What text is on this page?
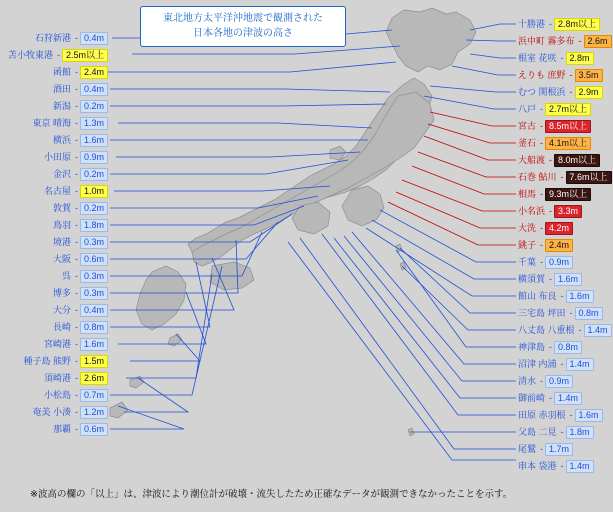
東北地方太平洋沖地震で観測された
日本各地の津波の高さ
石狩新港 - 0.4m
苫小牧東港 - 2.5m以上
函館 - 2.4m
酒田 - 0.4m
新潟 - 0.2m
東京 晴海 - 1.3m
横浜 - 1.6m
小田原 - 0.9m
金沢 - 0.2m
名古屋 - 1.0m
敦賀 - 0.2m
鳥羽 - 1.8m
境港 - 0.3m
大阪 - 0.6m
呉 - 0.3m
博多 - 0.3m
大分 - 0.4m
長崎 - 0.8m
宮崎港 - 1.6m
種子島 熊野 - 1.5m
須崎港 - 2.6m
小松島 - 0.7m
奄美 小湊 - 1.2m
那覇 - 0.6m
十勝港 - 2.8m以上
浜中町 霧多布 - 2.6m
根室 花咲 - 2.8m
えりも 庶野 - 3.5m
むつ 関根浜 - 2.9m
八戸 - 2.7m以上
宮古 - 8.5m以上
釜石 - 4.1m以上
大船渡 - 8.0m以上
石巻 鮎川 - 7.6m以上
相馬 - 9.3m以上
小名浜 - 3.3m
大洗 - 4.2m
銚子 - 2.4m
千葉 - 0.9m
横須賀 - 1.6m
館山 布良 - 1.6m
三宅島 坪田 - 0.8m
八丈島 八重根 - 1.4m
神津島 - 0.8m
沼津 内浦 - 1.4m
清水 - 0.9m
御前崎 - 1.4m
田原 赤羽根 - 1.6m
父島 二見 - 1.8m
尾鷲 - 1.7m
串本 袋港 - 1.4m
※波高の欄の「以上」は、津波により潮位計が破壊・流失したため正確なデータが観測できなかったことを示す。
